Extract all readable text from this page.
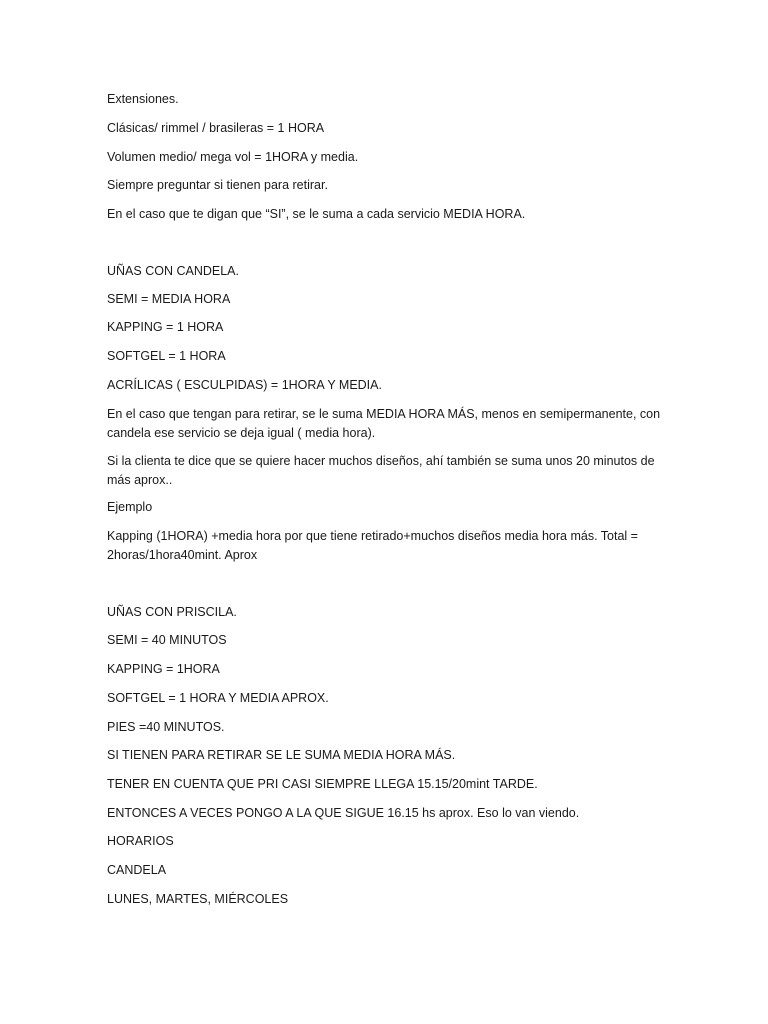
Extensiones.

Clásicas/ rimmel / brasileras = 1 HORA

Volumen medio/ mega vol = 1HORA y media.

Siempre preguntar si tienen para retirar.

En el caso que te digan que “SI”, se le suma a cada servicio MEDIA HORA.

UÑAS CON CANDELA.

SEMI = MEDIA HORA

KAPPING = 1 HORA

SOFTGEL = 1 HORA

ACRÍLICAS ( ESCULPIDAS) = 1HORA Y MEDIA.

En el caso que tengan para retirar, se le suma MEDIA HORA MÁS, menos en semipermanente, con candela ese servicio se deja igual ( media hora).

Si la clienta te dice que se quiere hacer muchos diseños, ahí también se suma unos 20 minutos de más aprox..

Ejemplo

Kapping (1HORA) +media hora por que tiene retirado+muchos diseños media hora más. Total = 2horas/1hora40mint. Aprox

UÑAS CON PRISCILA.

SEMI = 40 MINUTOS

KAPPING = 1HORA

SOFTGEL = 1 HORA Y MEDIA APROX.

PIES =40 MINUTOS.

SI TIENEN PARA RETIRAR SE LE SUMA MEDIA HORA MÁS.

TENER EN CUENTA QUE PRI CASI SIEMPRE LLEGA 15.15/20mint TARDE.

ENTONCES A VECES PONGO A LA QUE SIGUE 16.15 hs aprox. Eso lo van viendo.

HORARIOS

CANDELA

LUNES, MARTES, MIÉRCOLES
